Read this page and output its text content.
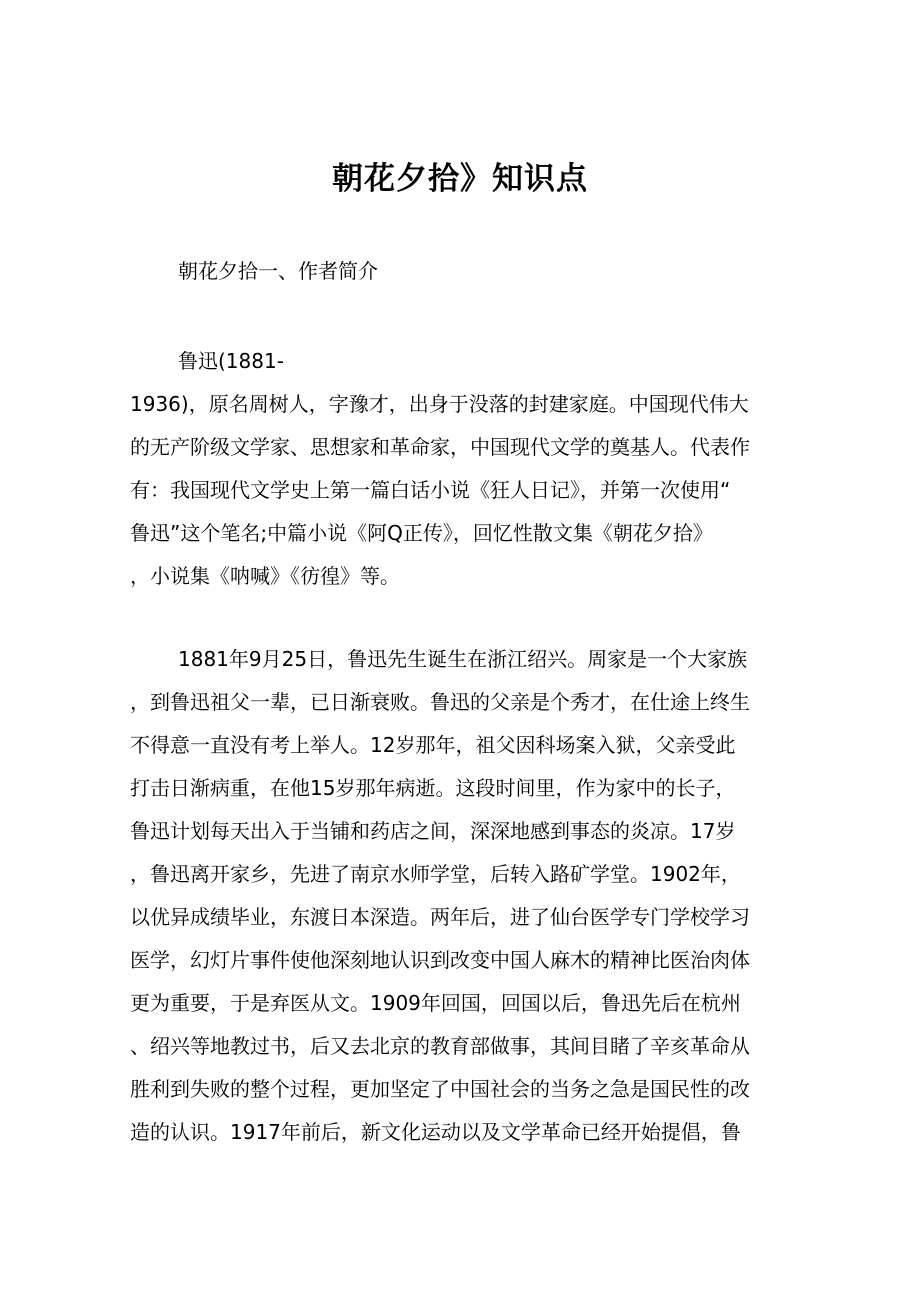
朝花夕拾》知识点
朝花夕拾一、作者简介
鲁迅(1881-
1936)，原名周树人，字豫才，出身于没落的封建家庭。中国现代伟大
的无产阶级文学家、思想家和革命家，中国现代文学的奠基人。代表作
有：我国现代文学史上第一篇白话小说《狂人日记》，并第一次使用“
鲁迅”这个笔名;中篇小说《阿Q正传》，回忆性散文集《朝花夕拾》
，小说集《呐喊》《彷徨》等。
1881年9月25日，鲁迅先生诞生在浙江绍兴。周家是一个大家族
，到鲁迅祖父一辈，已日渐衰败。鲁迅的父亲是个秀才，在仕途上终生
不得意一直没有考上举人。12岁那年，祖父因科场案入狱，父亲受此
打击日渐病重，在他15岁那年病逝。这段时间里，作为家中的长子，
鲁迅计划每天出入于当铺和药店之间，深深地感到事态的炎凉。17岁
，鲁迅离开家乡，先进了南京水师学堂，后转入路矿学堂。1902年，
以优异成绩毕业，东渡日本深造。两年后，进了仙台医学专门学校学习
医学，幻灯片事件使他深刻地认识到改变中国人麻木的精神比医治肉体
更为重要，于是弃医从文。1909年回国，回国以后，鲁迅先后在杭州
、绍兴等地教过书，后又去北京的教育部做事，其间目睹了辛亥革命从
胜利到失败的整个过程，更加坚定了中国社会的当务之急是国民性的改
造的认识。1917年前后，新文化运动以及文学革命已经开始提倡，鲁
